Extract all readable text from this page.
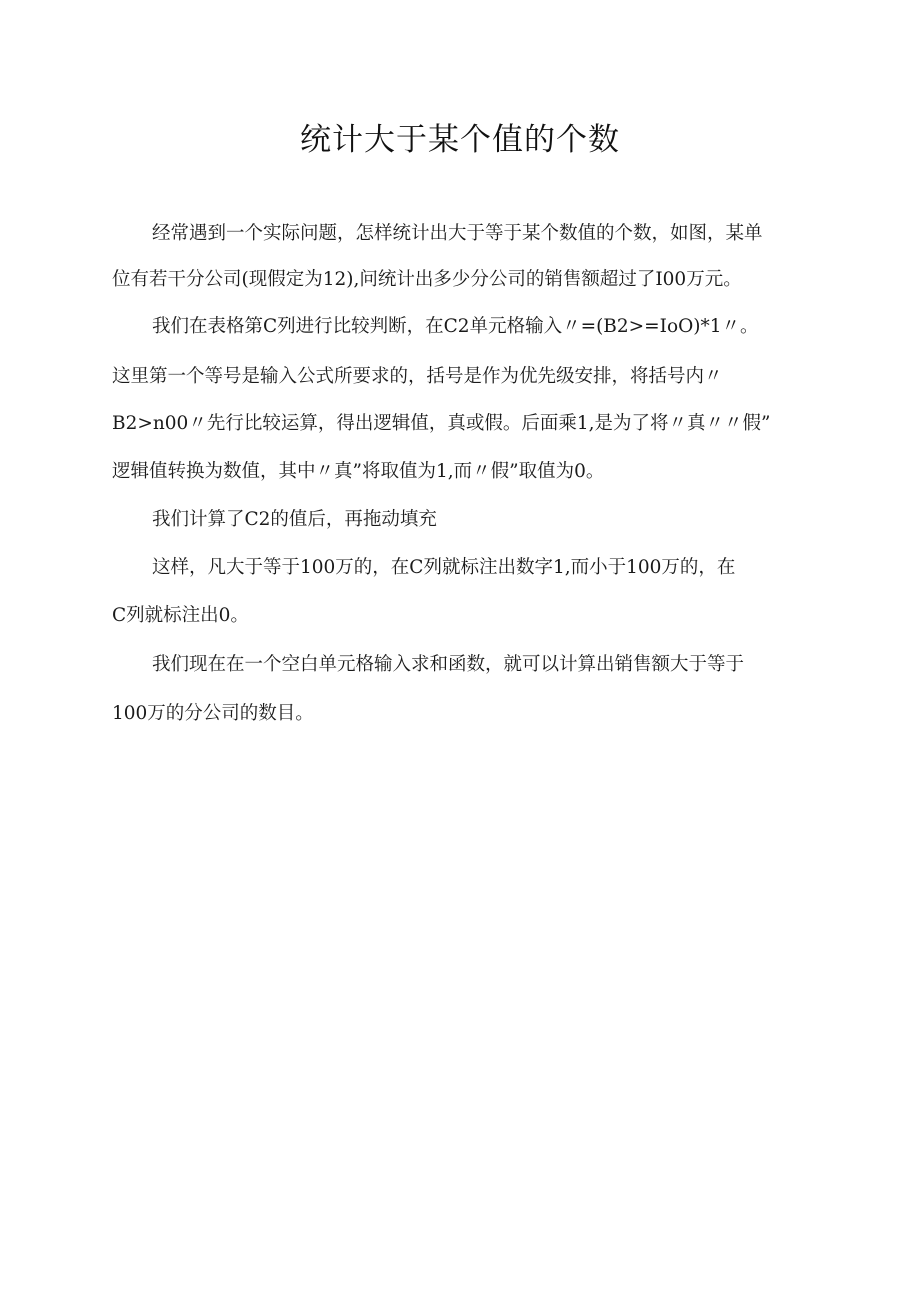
统计大于某个值的个数

经常遇到一个实际问题，怎样统计出大于等于某个数值的个数，如图，某单

位有若干分公司(现假定为12),问统计出多少分公司的销售额超过了I00万元。

我们在表格第C列进行比较判断，在C2单元格输入〃=(B2>=IoO)*1〃。

这里第一个等号是输入公式所要求的，括号是作为优先级安排，将括号内〃

B2>n00〃先行比较运算，得出逻辑值，真或假。后面乘1,是为了将〃真〃〃假”

逻辑值转换为数值，其中〃真”将取值为1,而〃假”取值为0。

我们计算了C2的值后，再拖动填充

这样，凡大于等于100万的，在C列就标注出数字1,而小于100万的，在

C列就标注出0。

我们现在在一个空白单元格输入求和函数，就可以计算出销售额大于等于

100万的分公司的数目。
